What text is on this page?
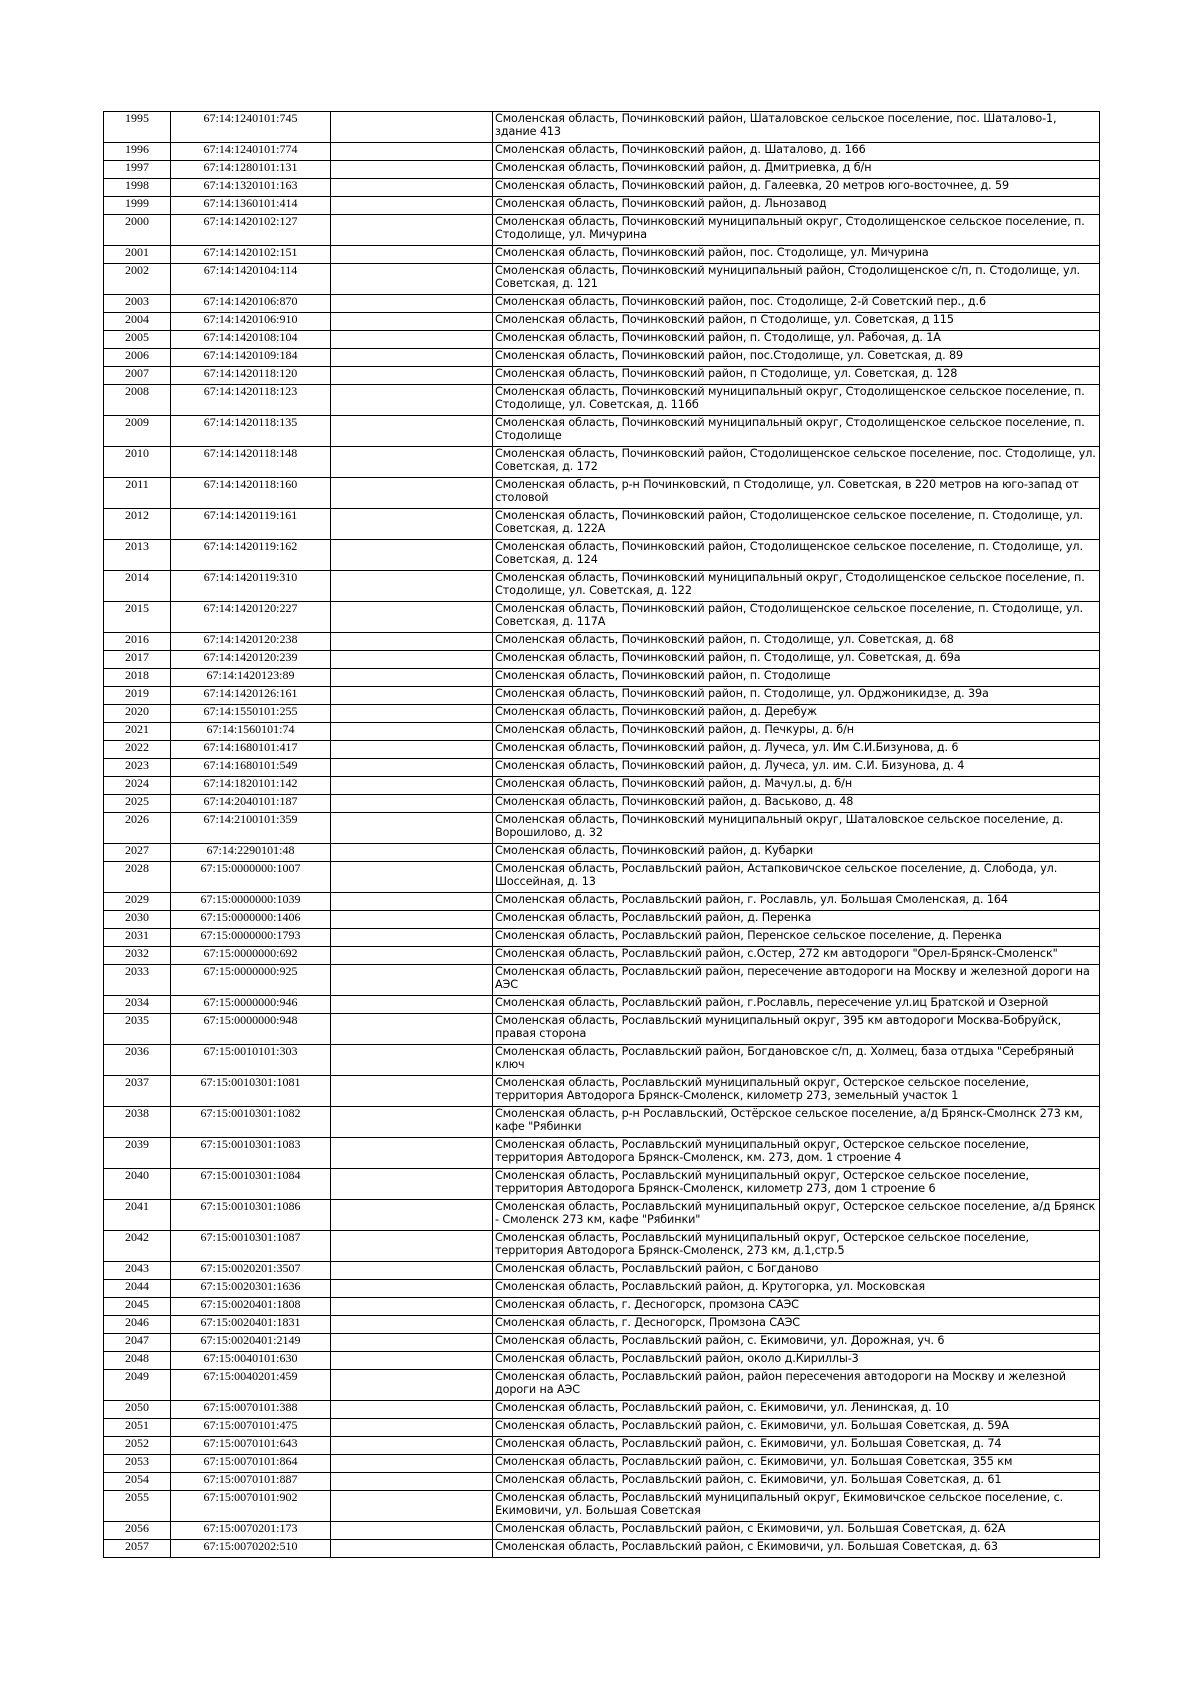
1995	67:14:1240101:745		Смоленская область, Починковский район, Шаталовское сельское поселение, пос. Шаталово-1, здание 413
1996	67:14:1240101:774		Смоленская область, Починковский район, д. Шаталово, д. 166
1997	67:14:1280101:131		Смоленская область, Починковский район, д. Дмитриевка, д б/н
1998	67:14:1320101:163		Смоленская область, Починковский район, д. Галеевка, 20 метров юго-восточнее, д. 59
1999	67:14:1360101:414		Смоленская область, Починковский район, д. Льнозавод
2000	67:14:1420102:127		Смоленская область, Починковский муниципальный округ, Стодолищенское сельское поселение, п. Стодолище, ул. Мичурина
2001	67:14:1420102:151		Смоленская область, Починковский район, пос. Стодолище, ул. Мичурина
2002	67:14:1420104:114		Смоленская область, Починковский муниципальный район, Стодолищенское с/п, п. Стодолище, ул. Советская, д. 121
2003	67:14:1420106:870		Смоленская область, Починковский район, пос. Стодолище, 2-й Советский пер., д.6
2004	67:14:1420106:910		Смоленская область, Починковский район, п Стодолище, ул. Советская, д 115
2005	67:14:1420108:104		Смоленская область, Починковский район, п. Стодолище, ул. Рабочая, д. 1А
2006	67:14:1420109:184		Смоленская область, Починковский район, пос.Стодолище, ул. Советская, д. 89
2007	67:14:1420118:120		Смоленская область, Починковский район, п Стодолище, ул. Советская, д. 128
2008	67:14:1420118:123		Смоленская область, Починковский муниципальный округ, Стодолищенское сельское поселение, п. Стодолище, ул. Советская, д. 116б
2009	67:14:1420118:135		Смоленская область, Починковский муниципальный округ, Стодолищенское сельское поселение, п. Стодолище
2010	67:14:1420118:148		Смоленская область, Починковский район, Стодолищенское сельское поселение, пос. Стодолище, ул. Советская, д. 172
2011	67:14:1420118:160		Смоленская область, р-н Починковский, п Стодолище, ул. Советская, в 220 метров на юго-запад от столовой
2012	67:14:1420119:161		Смоленская область, Починковский район, Стодолищенское сельское поселение, п. Стодолище, ул. Советская, д. 122А
2013	67:14:1420119:162		Смоленская область, Починковский район, Стодолищенское сельское поселение, п. Стодолище, ул. Советская, д. 124
2014	67:14:1420119:310		Смоленская область, Починковский муниципальный округ, Стодолищенское сельское поселение, п. Стодолище, ул. Советская, д. 122
2015	67:14:1420120:227		Смоленская область, Починковский район, Стодолищенское сельское поселение, п. Стодолище, ул. Советская, д. 117А
2016	67:14:1420120:238		Смоленская область, Починковский район, п. Стодолище, ул. Советская, д. 68
2017	67:14:1420120:239		Смоленская область, Починковский район, п. Стодолище, ул. Советская, д. 69а
2018	67:14:1420123:89		Смоленская область, Починковский район, п. Стодолище
2019	67:14:1420126:161		Смоленская область, Починковский район, п. Стодолище, ул. Орджоникидзе, д. 39а
2020	67:14:1550101:255		Смоленская область, Починковский район, д. Деребуж
2021	67:14:1560101:74		Смоленская область, Починковский район, д. Печкуры, д. б/н
2022	67:14:1680101:417		Смоленская область, Починковский район, д. Лучеса, ул. Им С.И.Бизунова, д. 6
2023	67:14:1680101:549		Смоленская область, Починковский район, д. Лучеса, ул. им. С.И. Бизунова, д. 4
2024	67:14:1820101:142		Смоленская область, Починковский район, д. Мачул.ы, д. б/н
2025	67:14:2040101:187		Смоленская область, Починковский район, д. Васьково, д. 48
2026	67:14:2100101:359		Смоленская область, Починковский муниципальный округ, Шаталовское сельское поселение, д. Ворошилово, д. 32
2027	67:14:2290101:48		Смоленская область, Починковский район, д. Кубарки
2028	67:15:0000000:1007		Смоленская область, Рославльский район, Астапковичское сельское поселение, д. Слобода, ул. Шоссейная, д. 13
2029	67:15:0000000:1039		Смоленская область, Рославльский район, г. Рославль, ул. Большая Смоленская, д. 164
2030	67:15:0000000:1406		Смоленская область, Рославльский район, д. Перенка
2031	67:15:0000000:1793		Смоленская область, Рославльский район, Перенское сельское поселение, д. Перенка
2032	67:15:0000000:692		Смоленская область, Рославльский район, с.Остер, 272 км автодороги "Орел-Брянск-Смоленск"
2033	67:15:0000000:925		Смоленская область, Рославльский район, пересечение автодороги на Москву и железной дороги на АЭС
2034	67:15:0000000:946		Смоленская область, Рославльский район, г.Рославль, пересечение ул.иц Братской и Озерной
2035	67:15:0000000:948		Смоленская область, Рославльский муниципальный округ, 395 км автодороги Москва-Бобруйск, правая сторона
2036	67:15:0010101:303		Смоленская область, Рославльский район, Богдановское с/п, д. Холмец, база отдыха "Серебряный ключ
2037	67:15:0010301:1081		Смоленская область, Рославльский муниципальный округ, Остерское сельское поселение, территория Автодорога Брянск-Смоленск, километр 273, земельный участок 1
2038	67:15:0010301:1082		Смоленская область, р-н Рославльский, Остёрское сельское поселение, а/д Брянск-Смолнск 273 км, кафе "Рябинки
2039	67:15:0010301:1083		Смоленская область, Рославльский муниципальный округ, Остерское сельское поселение, территория Автодорога Брянск-Смоленск, км. 273, дом. 1 строение 4
2040	67:15:0010301:1084		Смоленская область, Рославльский муниципальный округ, Остерское сельское поселение, территория Автодорога Брянск-Смоленск, километр 273, дом 1 строение 6
2041	67:15:0010301:1086		Смоленская область, Рославльский муниципальный округ, Остерское сельское поселение, а/д Брянск - Смоленск 273 км, кафе "Рябинки"
2042	67:15:0010301:1087		Смоленская область, Рославльский муниципальный округ, Остерское сельское поселение, территория Автодорога Брянск-Смоленск, 273 км, д.1,стр.5
2043	67:15:0020201:3507		Смоленская область, Рославльский район, с Богданово
2044	67:15:0020301:1636		Смоленская область, Рославльский район, д. Крутогорка, ул. Московская
2045	67:15:0020401:1808		Смоленская область, г. Десногорск, промзона САЭС
2046	67:15:0020401:1831		Смоленская область, г. Десногорск, Промзона САЭС
2047	67:15:0020401:2149		Смоленская область, Рославльский район, с. Екимовичи, ул. Дорожная, уч. 6
2048	67:15:0040101:630		Смоленская область, Рославльский район, около д.Кириллы-3
2049	67:15:0040201:459		Смоленская область, Рославльский район, район пересечения автодороги на Москву и железной дороги на АЭС
2050	67:15:0070101:388		Смоленская область, Рославльский район, с. Екимовичи, ул. Ленинская, д. 10
2051	67:15:0070101:475		Смоленская область, Рославльский район, с. Екимовичи, ул. Большая Советская, д. 59А
2052	67:15:0070101:643		Смоленская область, Рославльский район, с. Екимовичи, ул. Большая Советская, д. 74
2053	67:15:0070101:864		Смоленская область, Рославльский район, с. Екимовичи, ул. Большая Советская, 355 км
2054	67:15:0070101:887		Смоленская область, Рославльский район, с. Екимовичи, ул. Большая Советская, д. 61
2055	67:15:0070101:902		Смоленская область, Рославльский муниципальный округ, Екимовичское сельское поселение, с. Екимовичи, ул. Большая Советская
2056	67:15:0070201:173		Смоленская область, Рославльский район, с Екимовичи, ул. Большая Советская, д. 62А
2057	67:15:0070202:510		Смоленская область, Рославльский район, с Екимовичи, ул. Большая Советская, д. 63
